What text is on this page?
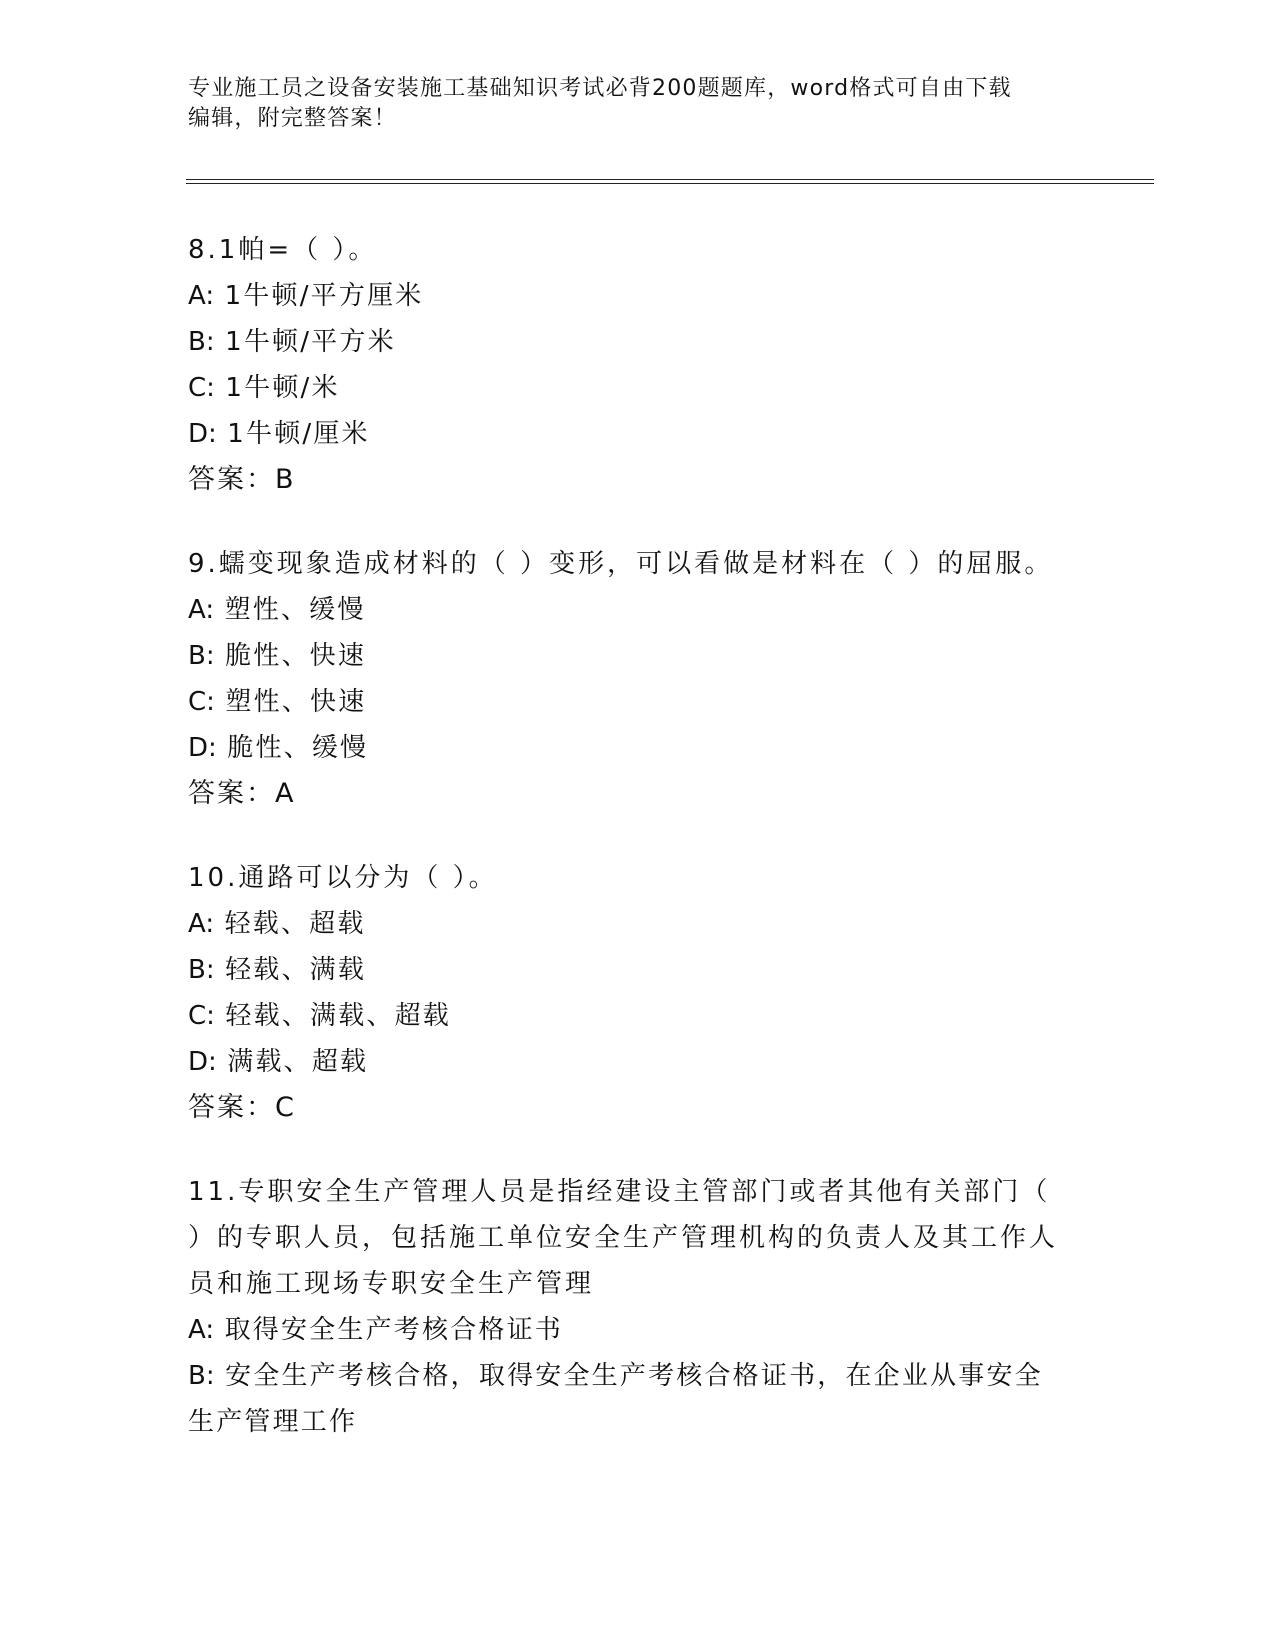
专业施工员之设备安装施工基础知识考试必背200题题库，word格式可自由下载
编辑，附完整答案！
8.1帕=（ ）。
A: 1牛顿/平方厘米
B: 1牛顿/平方米
C: 1牛顿/米
D: 1牛顿/厘米
答案：B
9.蠕变现象造成材料的（ ）变形，可以看做是材料在（ ）的屈服。
A: 塑性、缓慢
B: 脆性、快速
C: 塑性、快速
D: 脆性、缓慢
答案：A
10.通路可以分为（ ）。
A: 轻载、超载
B: 轻载、满载
C: 轻载、满载、超载
D: 满载、超载
答案：C
11.专职安全生产管理人员是指经建设主管部门或者其他有关部门（
）的专职人员，包括施工单位安全生产管理机构的负责人及其工作人
员和施工现场专职安全生产管理
A: 取得安全生产考核合格证书
B: 安全生产考核合格，取得安全生产考核合格证书，在企业从事安全
生产管理工作
